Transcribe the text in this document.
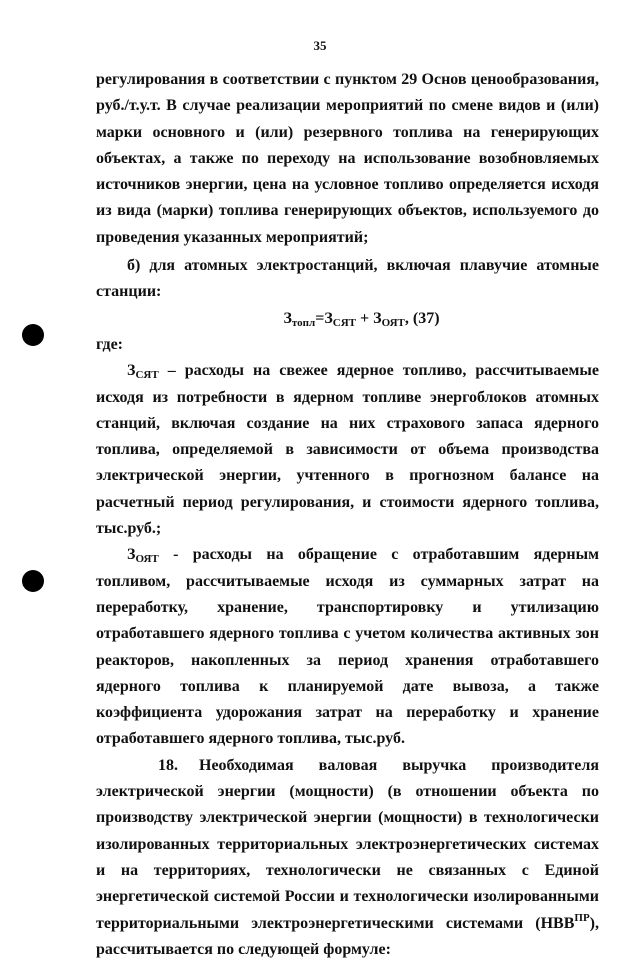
35

регулирования в соответствии с пунктом 29 Основ ценообразования, руб./т.у.т. В случае реализации мероприятий по смене видов и (или) марки основного и (или) резервного топлива на генерирующих объектах, а также по переходу на использование возобновляемых источников энергии, цена на условное топливо определяется исходя из вида (марки) топлива генерирующих объектов, используемого до проведения указанных мероприятий;

б) для атомных электростанций, включая плавучие атомные станции:

$З_{топл}=З_{СЯТ} + З_{ОЯТ}$, (37)

где:

$З_{СЯТ}$ – расходы на свежее ядерное топливо, рассчитываемые исходя из потребности в ядерном топливе энергоблоков атомных станций, включая создание на них страхового запаса ядерного топлива, определяемой в зависимости от объема производства электрической энергии, учтенного в прогнозном балансе на расчетный период регулирования, и стоимости ядерного топлива, тыс.руб.;

$З_{ОЯТ}$ - расходы на обращение с отработавшим ядерным топливом, рассчитываемые исходя из суммарных затрат на переработку, хранение, транспортировку и утилизацию отработавшего ядерного топлива с учетом количества активных зон реакторов, накопленных за период хранения отработавшего ядерного топлива к планируемой дате вывоза, а также коэффициента удорожания затрат на переработку и хранение отработавшего ядерного топлива, тыс.руб.

18. Необходимая валовая выручка производителя электрической энергии (мощности) (в отношении объекта по производству электрической энергии (мощности) в технологически изолированных территориальных электроэнергетических системах и на территориях, технологически не связанных с Единой энергетической системой России и технологически изолированными территориальными электроэнергетическими системами $(НВВ^{ПР})$, рассчитывается по следующей формуле:
